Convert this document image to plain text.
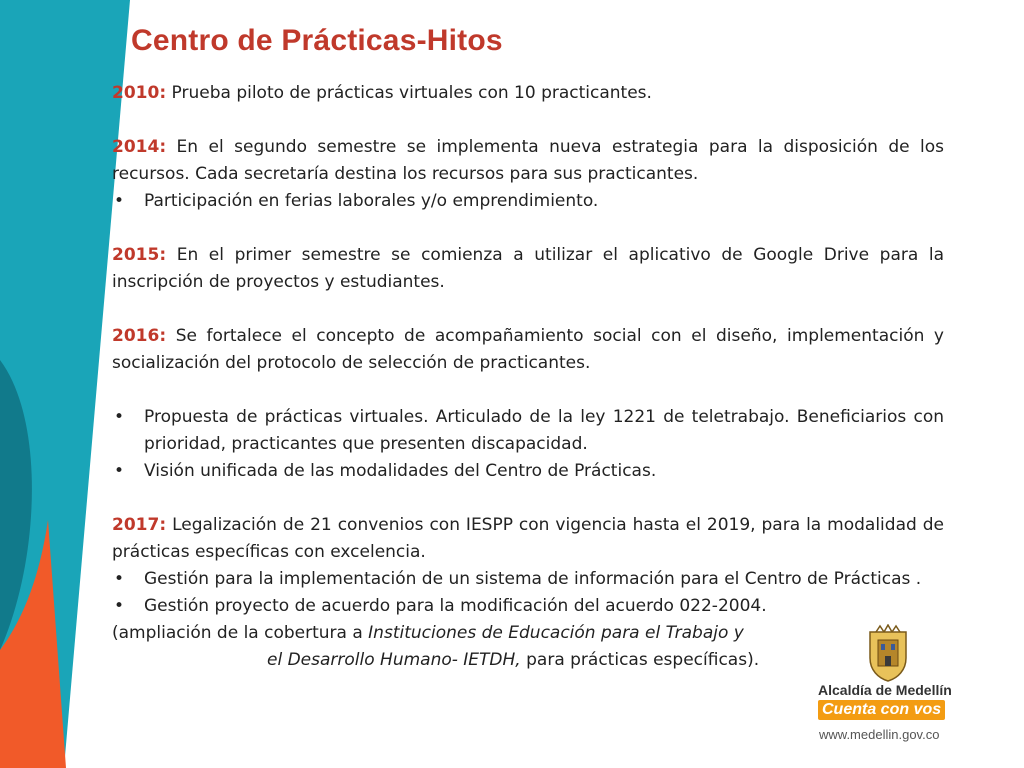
Centro de Prácticas-Hitos

2010: Prueba piloto de prácticas virtuales con 10 practicantes.

2014: En el segundo semestre se implementa nueva estrategia para la disposición de los recursos. Cada secretaría destina los recursos para sus practicantes.

• Participación en ferias laborales y/o emprendimiento.

2015: En el primer semestre se comienza a utilizar el aplicativo de Google Drive para la inscripción de proyectos y estudiantes.

2016: Se fortalece el concepto de acompañamiento social con el diseño, implementación y socialización del protocolo de selección de practicantes.

• Propuesta de prácticas virtuales. Articulado de la ley 1221 de teletrabajo. Beneficiarios con prioridad, practicantes que presenten discapacidad.

• Visión unificada de las modalidades del Centro de Prácticas.

2017: Legalización de 21 convenios con IESPP con vigencia hasta el 2019, para la modalidad de prácticas específicas con excelencia.

• Gestión para la implementación de un sistema de información para el Centro de Prácticas .

• Gestión proyecto de acuerdo para la modificación del acuerdo 022-2004.

(ampliación de la cobertura a Instituciones de Educación para el Trabajo y

el Desarrollo Humano- IETDH, para prácticas específicas).

Alcaldía de Medellín
Cuenta con vos
www.medellin.gov.co
